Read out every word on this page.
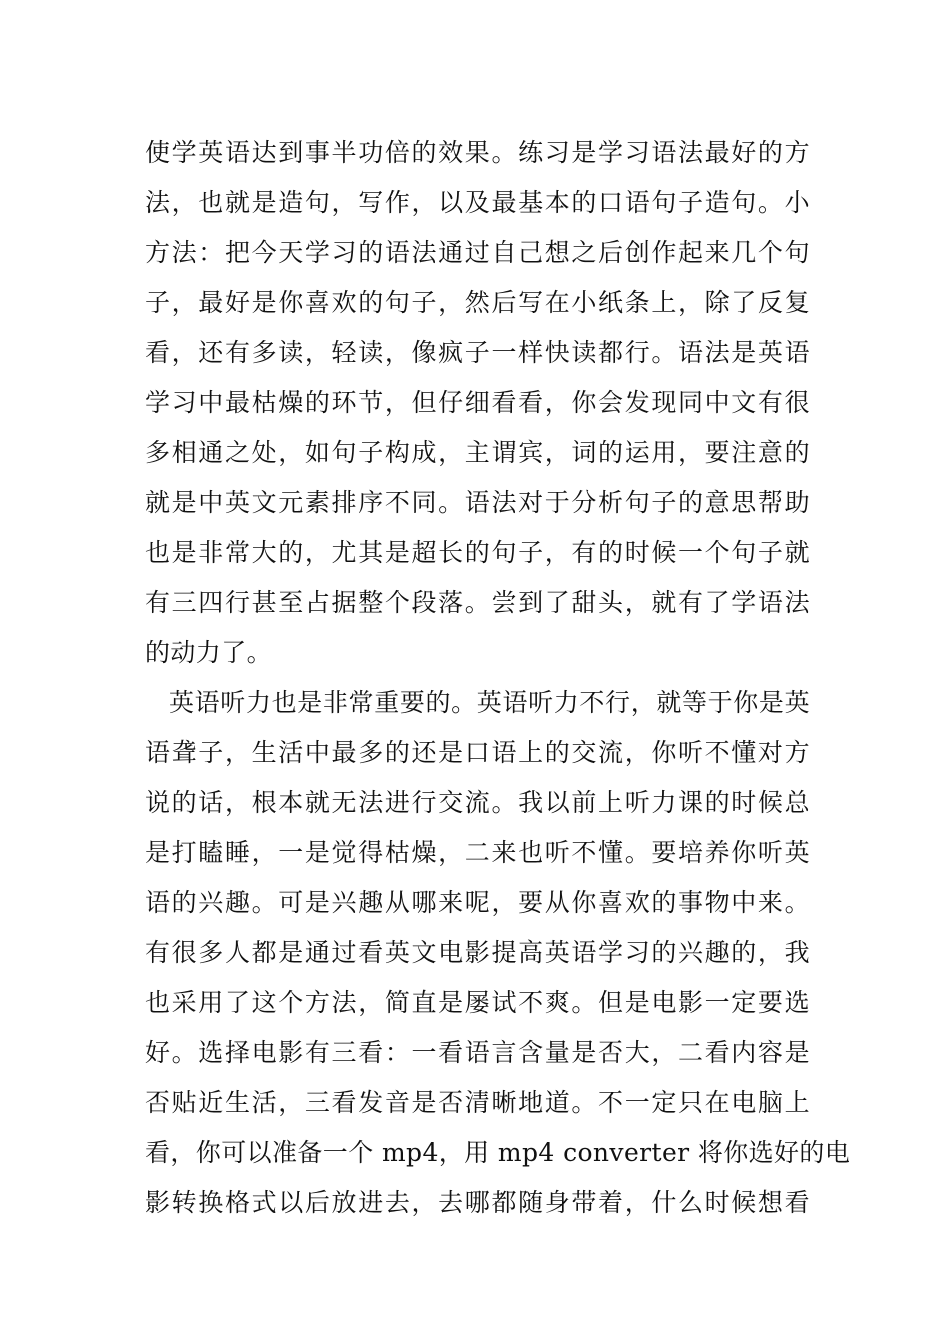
使学英语达到事半功倍的效果。练习是学习语法最好的方
法，也就是造句，写作，以及最基本的口语句子造句。小
方法：把今天学习的语法通过自己想之后创作起来几个句
子，最好是你喜欢的句子，然后写在小纸条上，除了反复
看，还有多读，轻读，像疯子一样快读都行。语法是英语
学习中最枯燥的环节，但仔细看看，你会发现同中文有很
多相通之处，如句子构成，主谓宾，词的运用，要注意的
就是中英文元素排序不同。语法对于分析句子的意思帮助
也是非常大的，尤其是超长的句子，有的时候一个句子就
有三四行甚至占据整个段落。尝到了甜头，就有了学语法
的动力了。
英语听力也是非常重要的。英语听力不行，就等于你是英
语聋子，生活中最多的还是口语上的交流，你听不懂对方
说的话，根本就无法进行交流。我以前上听力课的时候总
是打瞌睡，一是觉得枯燥，二来也听不懂。要培养你听英
语的兴趣。可是兴趣从哪来呢，要从你喜欢的事物中来。
有很多人都是通过看英文电影提高英语学习的兴趣的，我
也采用了这个方法，简直是屡试不爽。但是电影一定要选
好。选择电影有三看：一看语言含量是否大，二看内容是
否贴近生活，三看发音是否清晰地道。不一定只在电脑上
看，你可以准备一个 mp4，用 mp4 converter 将你选好的电
影转换格式以后放进去，去哪都随身带着，什么时候想看
